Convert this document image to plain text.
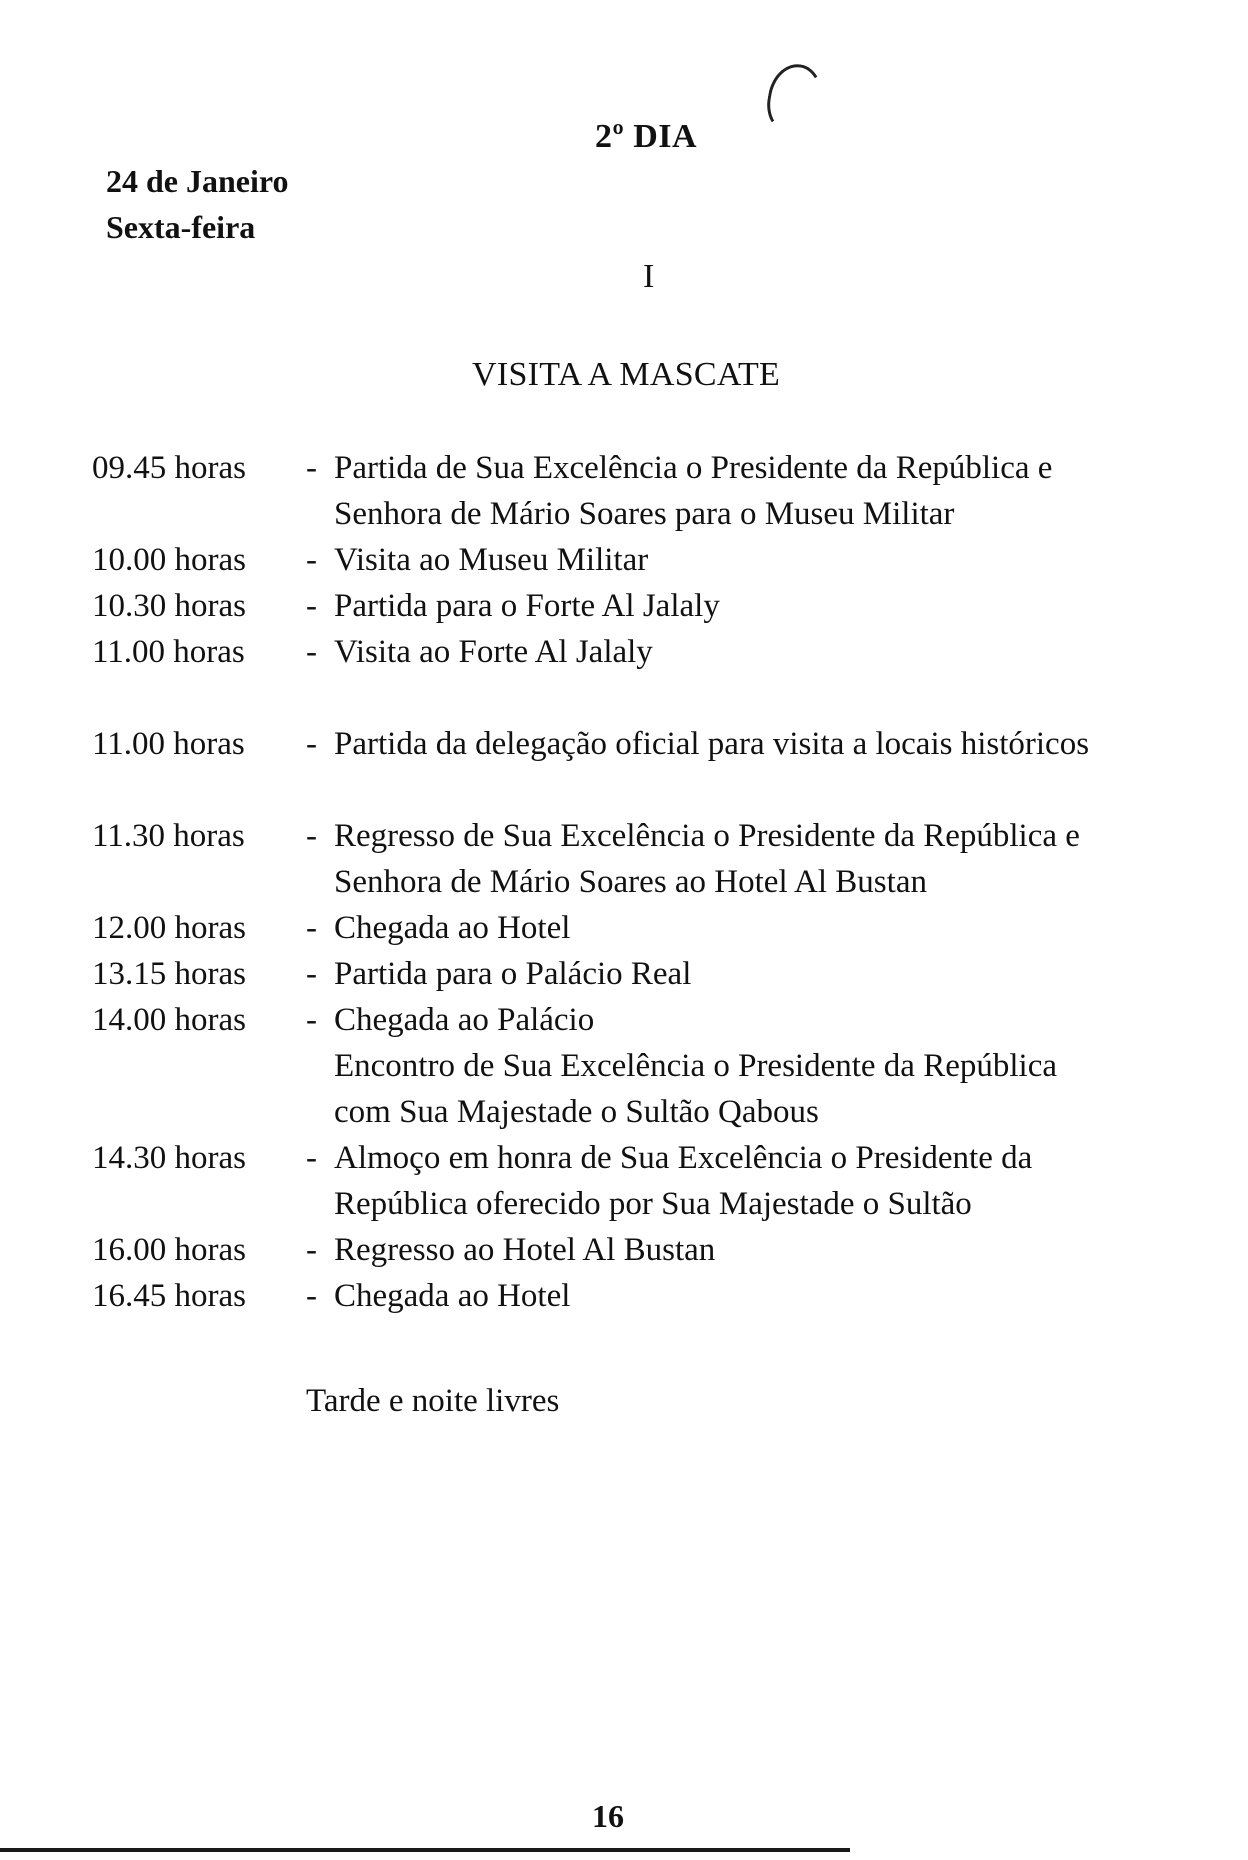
2º DIA
24 de Janeiro
Sexta-feira
I
VISITA A MASCATE
09.45 horas	- Partida de Sua Excelência o Presidente da República e
Senhora de Mário Soares para o Museu Militar
10.00 horas	- Visita ao Museu Militar
10.30 horas	- Partida para o Forte Al Jalaly
11.00 horas	- Visita ao Forte Al Jalaly
11.00 horas	- Partida da delegação oficial para visita a locais históricos
11.30 horas	- Regresso de Sua Excelência o Presidente da República e
Senhora de Mário Soares ao Hotel Al Bustan
12.00 horas	- Chegada ao Hotel
13.15 horas	- Partida para o Palácio Real
14.00 horas	- Chegada ao Palácio
Encontro de Sua Excelência o Presidente da República
com Sua Majestade o Sultão Qabous
14.30 horas	- Almoço em honra de Sua Excelência o Presidente da
República oferecido por Sua Majestade o Sultão
16.00 horas	- Regresso ao Hotel Al Bustan
16.45 horas	- Chegada ao Hotel
Tarde e noite livres
16
